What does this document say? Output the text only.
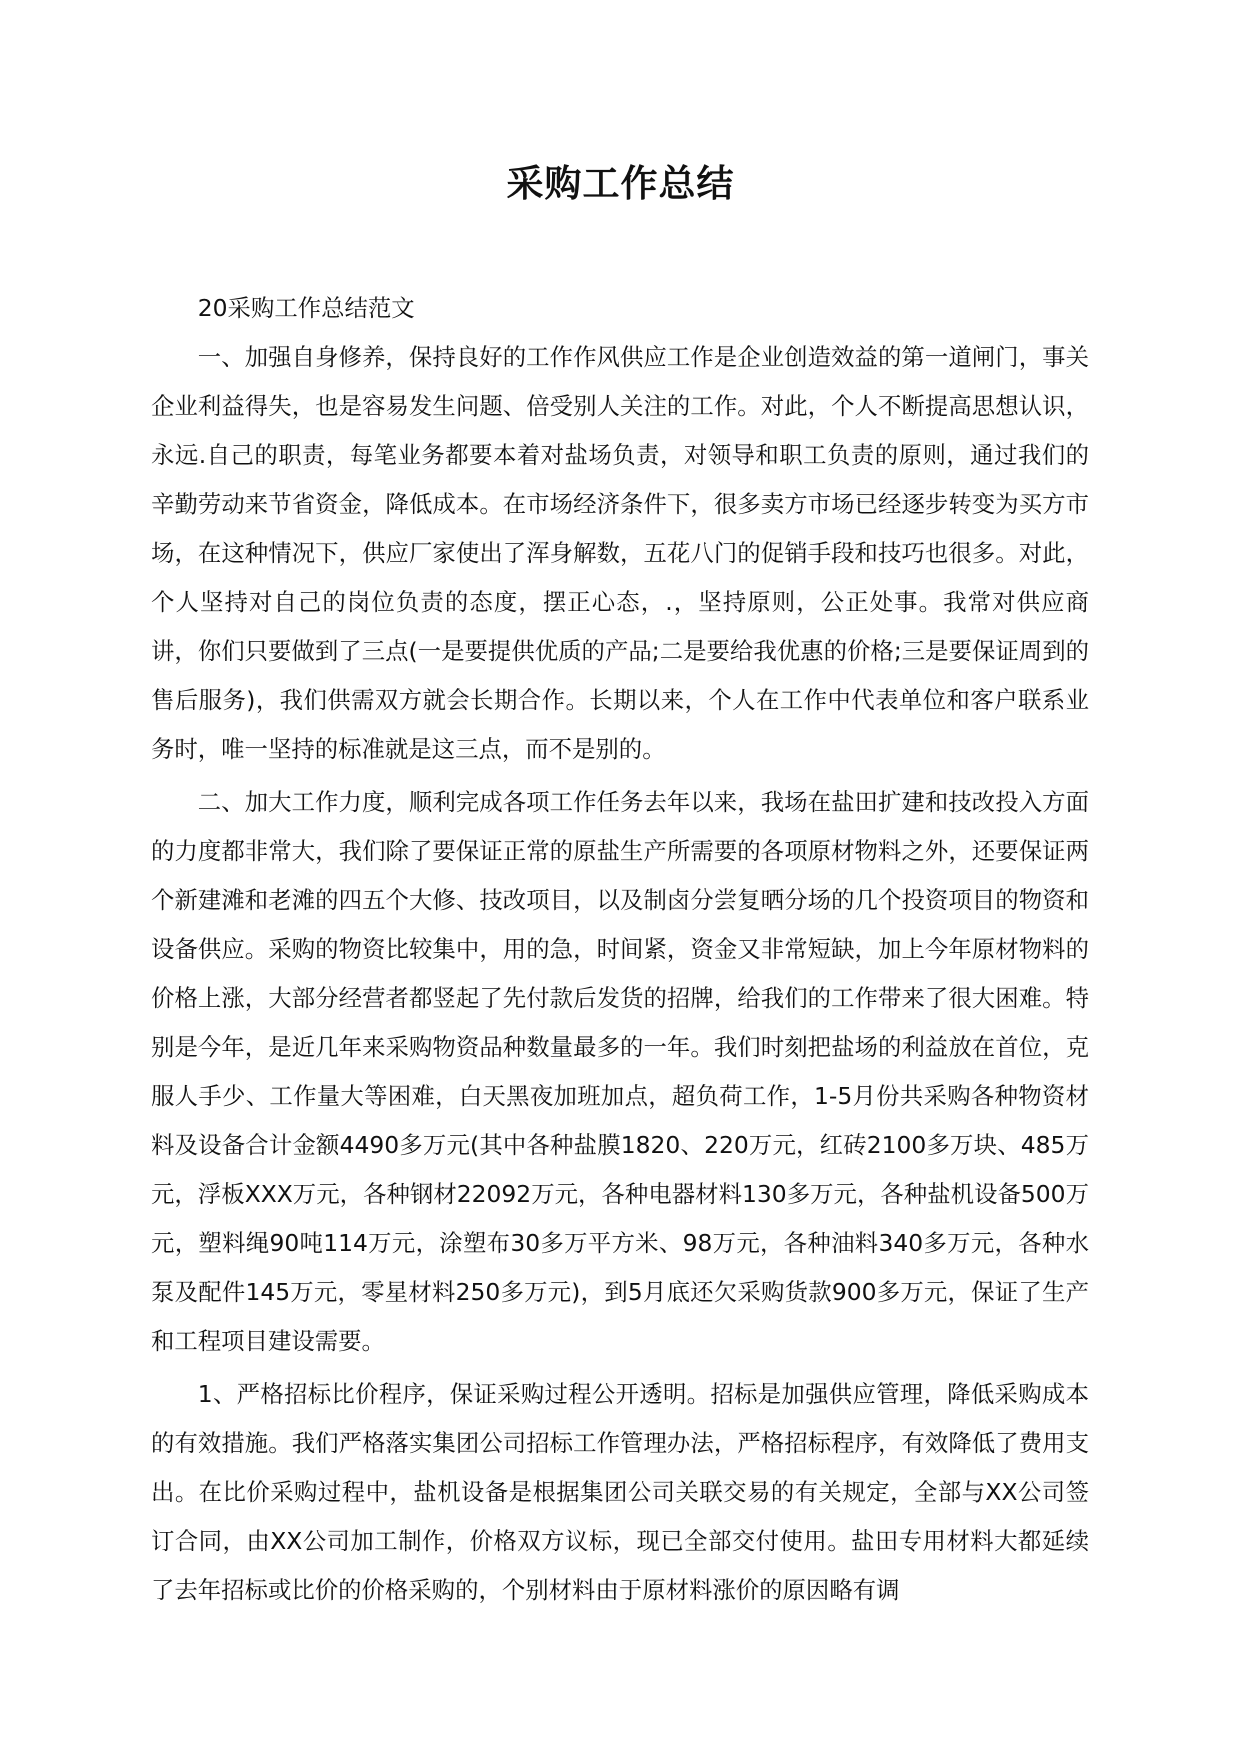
采购工作总结

20采购工作总结范文

一、加强自身修养，保持良好的工作作风供应工作是企业创造效益的第一道闸门，事关企业利益得失，也是容易发生问题、倍受别人关注的工作。对此，个人不断提高思想认识，永远.自己的职责，每笔业务都要本着对盐场负责，对领导和职工负责的原则，通过我们的辛勤劳动来节省资金，降低成本。在市场经济条件下，很多卖方市场已经逐步转变为买方市场，在这种情况下，供应厂家使出了浑身解数，五花八门的促销手段和技巧也很多。对此，个人坚持对自己的岗位负责的态度，摆正心态，.，坚持原则，公正处事。我常对供应商讲，你们只要做到了三点(一是要提供优质的产品;二是要给我优惠的价格;三是要保证周到的售后服务)，我们供需双方就会长期合作。长期以来，个人在工作中代表单位和客户联系业务时，唯一坚持的标准就是这三点，而不是别的。

二、加大工作力度，顺利完成各项工作任务去年以来，我场在盐田扩建和技改投入方面的力度都非常大，我们除了要保证正常的原盐生产所需要的各项原材物料之外，还要保证两个新建滩和老滩的四五个大修、技改项目，以及制卤分尝复晒分场的几个投资项目的物资和设备供应。采购的物资比较集中，用的急，时间紧，资金又非常短缺，加上今年原材物料的价格上涨，大部分经营者都竖起了先付款后发货的招牌，给我们的工作带来了很大困难。特别是今年，是近几年来采购物资品种数量最多的一年。我们时刻把盐场的利益放在首位，克服人手少、工作量大等困难，白天黑夜加班加点，超负荷工作，1-5月份共采购各种物资材料及设备合计金额4490多万元(其中各种盐膜1820、220万元，红砖2100多万块、485万元，浮板XXX万元，各种钢材22092万元，各种电器材料130多万元，各种盐机设备500万元，塑料绳90吨114万元，涂塑布30多万平方米、98万元，各种油料340多万元，各种水泵及配件145万元，零星材料250多万元)，到5月底还欠采购货款900多万元，保证了生产和工程项目建设需要。

1、严格招标比价程序，保证采购过程公开透明。招标是加强供应管理，降低采购成本的有效措施。我们严格落实集团公司招标工作管理办法，严格招标程序，有效降低了费用支出。在比价采购过程中，盐机设备是根据集团公司关联交易的有关规定，全部与XX公司签订合同，由XX公司加工制作，价格双方议标，现已全部交付使用。盐田专用材料大都延续了去年招标或比价的价格采购的，个别材料由于原材料涨价的原因略有调
